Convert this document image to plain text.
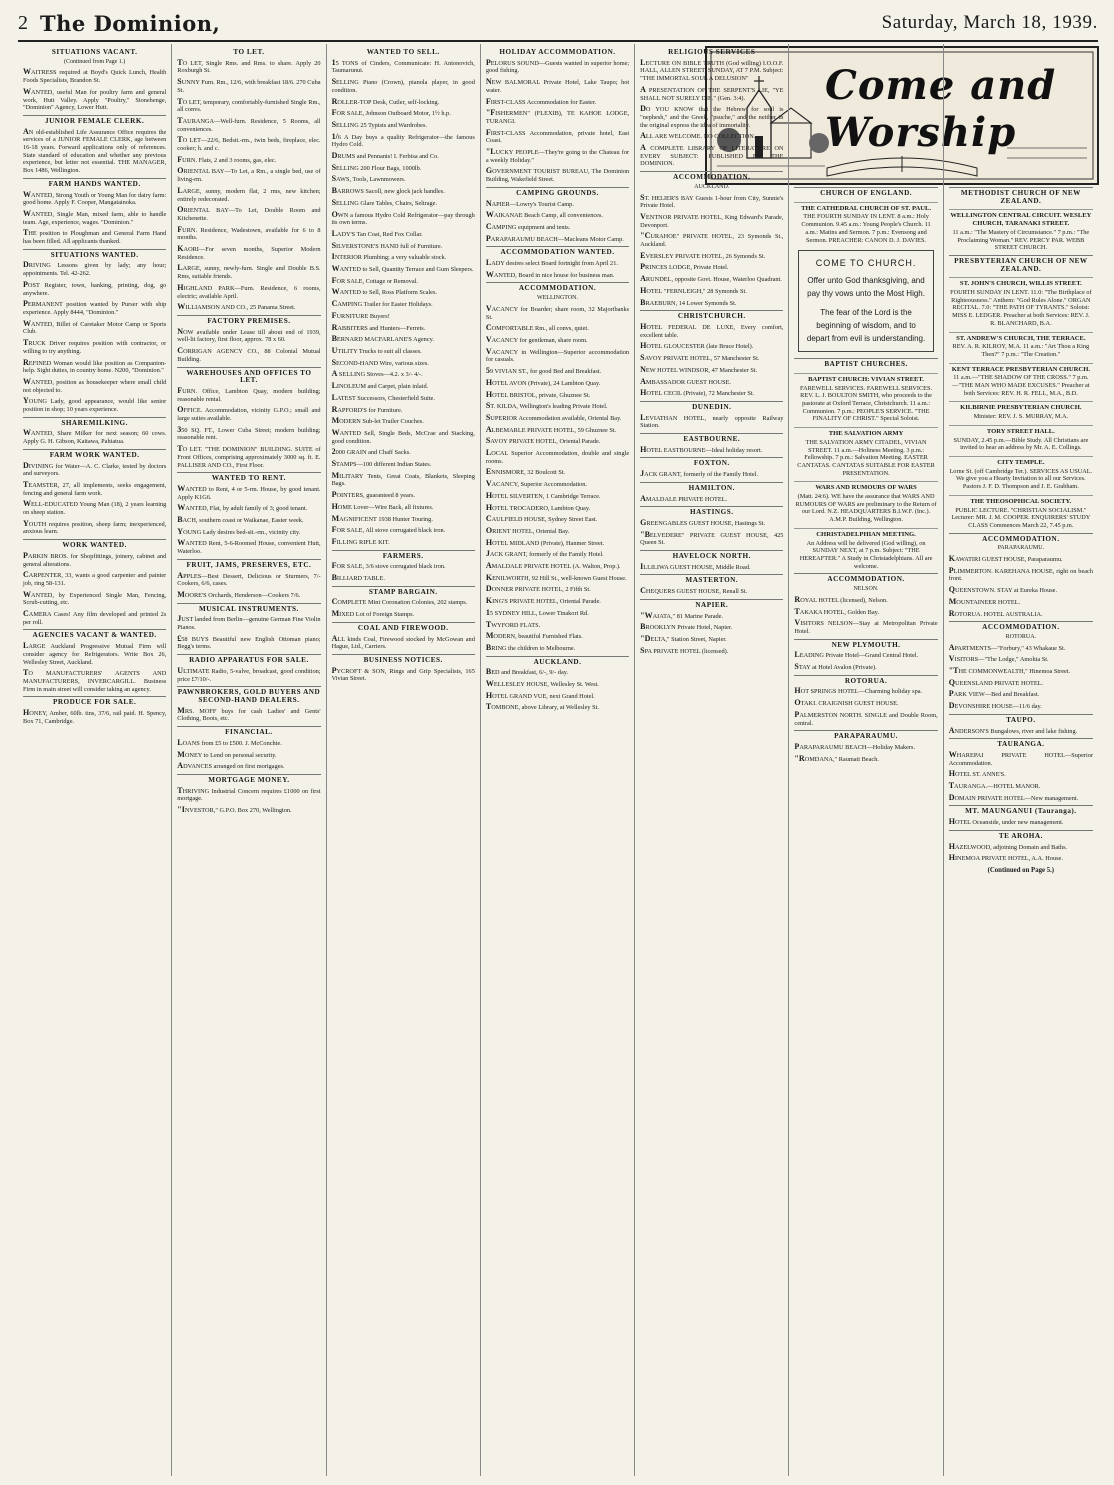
2 The Dominion,	Saturday, March 18, 1939.
Come and Worship
SITUATIONS VACANT.
(Continued from Page 1.)

WAITRESS required at Boyd's Quick Lunch, Health Foods Specialists, Brandon St.

WANTED, useful Man for poultry farm and general work, Hutt Valley. Apply "Poultry," Stonehenge, "Dominion" Agency, Lower Hutt.

JUNIOR FEMALE CLERK.

AN old-established Life Assurance Office requires the services of a JUNIOR FEMALE CLERK, age between 16-18 years. Forward applications only of references. State standard of education and whether any previous experience, but letter not essential. THE MANAGER, Box 1486, Wellington.

FARM HANDS WANTED.

WANTED, Strong Youth or Young Man for dairy farm: good home. Apply F. Cooper, Mangatainoka.

WANTED, Single Man, mixed farm, able to handle team. Age, experience, wages. "Dominion."

THE position to Ploughman and General Farm Hand has been filled. All applicants thanked.

SITUATIONS WANTED.

DRIVING Lessons given by lady; any hour; appointments. Tel. 42-262.

POST Register, town, banking, printing, dog, go anywhere.

PERMANENT position wanted by Purser with ship experience. Apply 8444, "Dominion."

WANTED, Billet of Caretaker Motor Camp or Sports Club.

TRUCK Driver requires position with contractor, or willing to try anything.

REFINED Woman would like position as Companion-help. Sight duties, in country home. N200, "Dominion."

WANTED, position as housekeeper where small child not objected to.

YOUNG Lady, good appearance, would like senior position in shop; 10 years experience.

SHAREMILKING.

WANTED, Share Milker for next season; 60 cows. Apply G. H. Gibson, Kaitawa, Pahiatua.

FARM WORK WANTED.

DIVINING for Water—A. C. Clarke, tested by doctors and surveyors.

TEAMSTER, 27, all implements, seeks engagement, fencing and general farm work.

WELL-EDUCATED Young Man (18), 2 years learning on sheep station.

YOUTH requires position, sheep farm; inexperienced, anxious learn.

WORK WANTED.

PARKIN BROS. for Shopfittings, joinery, cabinet and general alterations.

CARPENTER, 33, wants a good carpenter and painter job, ring 58-131.

WANTED, by Experienced Single Man, Fencing, Scrub-cutting, etc.

CAMERA Cases! Any film developed and printed 2s per roll.

AGENCIES VACANT & WANTED.

LARGE Auckland Progressive Mutual Firm will consider agency for Refrigerators. Write Box 26, Wellesley Street, Auckland.

TO MANUFACTURERS' AGENTS AND MANUFACTURERS, INVERCARGILL. Business Firm in main street will consider taking an agency.

PRODUCE FOR SALE.

HONEY, Amber, 60lb. tins, 37/6, rail paid. H. Spency, Box 71, Cambridge.

TO LET.

TO LET, Single Rms. and Rms. to share. Apply 20 Roxburgh St.

SUNNY Furn. Rm., 12/6, with breakfast 18/6. 270 Cuba St.

TO LET, temporary, comfortably-furnished Single Rm., all convs.

TAURANGA—Well-furn. Residence, 5 Rooms, all conveniences.

TO LET—22/6, Bedsit.-rm., twin beds, fireplace, elec. cooker; h. and c.

FURN. Flats, 2 and 3 rooms, gas, elec.

ORIENTAL BAY—To Let, a Rm., a single bed, use of living-rm.

LARGE, sunny, modern flat, 2 rms, new kitchen; entirely redecorated.

ORIENTAL BAY—To Let, Double Room and Kitchenette.

FURN. Residence, Wadestown, available for 6 to 8 months.

KAORI—For seven months, Superior Modern Residence.

LARGE, sunny, newly-furn. Single and Double B.S. Rms, suitable friends.

HIGHLAND PARK—Furn. Residence, 6 rooms, electric; available April.

WILLIAMSON AND CO., 25 Panama Street.

FACTORY PREMISES.

NOW available under Lease till about end of 1939, well-lit factory, first floor, approx. 78 x 60.

CORRIGAN AGENCY CO., 88 Colonial Mutual Building.

WAREHOUSES AND OFFICES TO LET.

FURN. Office, Lambton Quay, modern building; reasonable rental.

OFFICE. Accommodation, vicinity G.P.O.; small and large suites available.

350 SQ. FT., Lower Cuba Street; modern building; reasonable rent.

TO LET. "THE DOMINION" BUILDING. SUITE of Front Offices, comprising approximately 3000 sq. ft. E. PALLISER AND CO., First Floor.

WANTED TO RENT.

WANTED to Rent, 4 or 5-rm. House, by good tenant. Apply K1G6.

WANTED, Flat, by adult family of 3; good tenant.

BACH, southern coast or Waikanae, Easter week.

YOUNG Lady desires bed-sit.-rm., vicinity city.

WANTED Rent, 5-6-Roomed House, convenient Hutt, Waterloo.

FRUIT, JAMS, PRESERVES, ETC.

APPLES—Best Dessert, Delicious or Sturmers, 7/- Cookers, 6/6, cases.

MOORE'S Orchards, Henderson—Cookers 7/6.

MUSICAL INSTRUMENTS.

JUST landed from Berlin—genuine German Fine Violin Pianos.

£58 BUYS Beautiful new English Ottoman piano; Begg's terms.

RADIO APPARATUS FOR SALE.

ULTIMATE Radio, 5-valve, broadcast, good condition; price £7/10/-.

PAWNBROKERS, GOLD BUYERS AND SECOND-HAND DEALERS.

MRS. MOFF buys for cash Ladies' and Gents' Clothing, Boots, etc.

FINANCIAL.

LOANS from £5 to £500. J. McConchie.

MONEY to Lend on personal security.

ADVANCES arranged on first mortgages.

MORTGAGE MONEY.

THRIVING Industrial Concern requires £1000 on first mortgage.

"INVESTOR," G.P.O. Box 270, Wellington.

WANTED TO SELL.

15 TONS of Cinders, Communicate: H. Antonovich, Taumarunui.

SELLING Piano (Crown), pianola player, in good condition.

ROLLER-TOP Desk, Cutler, self-locking.

FOR SALE, Johnson Outboard Motor, 1½ h.p.

SELLING 25 Typists and Wardrobes.

1/6 A Day buys a quality Refrigerator—the famous Hydro Cold.

DRUMS and Pennants! I. Ferbisa and Co.

SELLING 200 Flour Bags, 1000lb.

SAWS, Tools, Lawnmowers.

BARROWS Sacoll, new glock jack handles.

SELLING Glare Tables, Chairs, Seltrage.

OWN a famous Hydro Cold Refrigerator—pay through its own terms.

LADY'S Tan Coat, Red Fox Collar.

SILVERSTONE'S HAND full of Furniture.

INTERIOR Plumbing; a very valuable stock.

WANTED to Sell, Quantity Terrace and Gum Sleepers.

FOR SALE, Cottage or Removal.

WANTED to Sell, Ross Platform Scales.

CAMPING Trailer for Easter Holidays.

FURNITURE Buyers!

RABBITERS and Hunters—Ferrets.

BERNARD MACFARLANE'S Agency.

UTILITY Trucks to suit all classes.

SECOND-HAND Wire, various sizes.

A SELLING Stoves—4.2. x 3/- 4/-.

LINOLEUM and Carpet, plain inlaid.

LATEST Successors, Chesterfield Suite.

RAPFORD'S for Furniture.

MODERN Sub-let Trailer Couches.

WANTED Sell, Single Beds, McCrae and Stacking, good condition.

2000 GRAIN and Chaff Sacks.

STAMPS—100 different Indian States.

MILITARY Tents, Great Coats, Blankets, Sleeping Bags.

POINTERS, guaranteed 8 years.

HOME Lover—Wire Back, all fixtures.

MAGNIFICENT 1938 Hunter Touring.

FOR SALE, All stove corrugated black iron.

FILLING RIFLE KIT.

FARMERS.

FOR SALE, 3/6 stove corrugated black iron.

BILLIARD TABLE.

STAMP BARGAIN.

COMPLETE Mint Coronation Colonies, 202 stamps.

MIXED Lot of Foreign Stamps.

COAL AND FIREWOOD.

ALL kinds Coal, Firewood stocked by McGowan and Hague, Ltd., Carriers.

BUSINESS NOTICES.

PYCROFT & SON, Rings and Grip Specialists, 165 Vivian Street.

HOLIDAY ACCOMMODATION.

PELORUS SOUND—Guests wanted in superior home; good fishing.

NEW BALMORAL Private Hotel, Lake Taupo; hot water.

FIRST-CLASS Accommodation for Easter.

"FISHERMEN" (FLEXIB), TE KAHOE LODGE, TURANGI.

FIRST-CLASS Accommodation, private hotel, East Coast.

"LUCKY PEOPLE—They're going to the Chateau for a weekly Holiday."

GOVERNMENT TOURIST BUREAU, The Dominion Building, Wakefield Street.

CAMPING GROUNDS.

NAPIER—Lowry's Tourist Camp.

WAIKANAE Beach Camp, all conveniences.

CAMPING equipment and tents.

PARAPARAUMU BEACH—Macleans Motor Camp.

ACCOMMODATION WANTED.

LADY desires select Board fortnight from April 21.

WANTED, Board in nice house for business man.

ACCOMMODATION.
WELLINGTON.

VACANCY for Boarder; share room, 32 Majoribanks St.

COMFORTABLE Rm., all convs, quiet.

VACANCY for gentleman, share room.

VACANCY in Wellington—Superior accommodation for casuals.

59 VIVIAN ST., for good Bed and Breakfast.

HOTEL AVON (Private), 24 Lambton Quay.

HOTEL BRISTOL, private, Ghuznee St.

ST. KILDA, Wellington's leading Private Hotel.

SUPERIOR Accommodation available, Oriental Bay.

ALBEMARLE PRIVATE HOTEL, 59 Ghuznee St.

SAVOY PRIVATE HOTEL, Oriental Parade.

LOCAL Superior Accommodation, double and single rooms.

ENNISMORE, 32 Boulcott St.

VACANCY, Superior Accommodation.

HOTEL SILVERTEN, 1 Cambridge Terrace.

HOTEL TROCADERO, Lambton Quay.

CAULFIELD HOUSE, Sydney Street East.

ORIENT HOTEL, Oriental Bay.

HOTEL MIDLAND (Private), Hanmer Street.

JACK GRANT, formerly of the Family Hotel.

AMALDALE PRIVATE HOTEL (A. Walton, Prop.).

KENILWORTH, 92 Hill St., well-known Guest House.

DONNER PRIVATE HOTEL, 2 Fifth St.

KING'S PRIVATE HOTEL, Oriental Parade.

15 SYDNEY HILL, Lower Tinakori Rd.

TWYFORD FLATS.

MODERN, beautiful Furnished Flats.

BRING the children to Melbourne.

AUCKLAND.

BED and Breakfast, 6/-, 9/- day.

WELLESLEY HOUSE, Wellesley St. West.

HOTEL GRAND VUE, next Grand Hotel.

TOMBONE, above Library, at Wellesley St.

RELIGIOUS SERVICES

LECTURE ON BIBLE TRUTH (God willing) I.O.O.F. HALL, ALLEN STREET, SUNDAY, AT 7 P.M. Subject: "THE IMMORTAL SOUL A DELUSION"

A PRESENTATION OF THE SERPENT'S LIE, "YE SHALL NOT SURELY DIE." (Gen. 3:4).

DO YOU KNOW that the Hebrew for soul is "nephesh," and the Greek, "psuche," and the neither in the original express the idea of immortality.

ALL ARE WELCOME. NO COLLECTION.

A COMPLETE LIBRARY OF LITERATURE ON EVERY SUBJECT: PUBLISHED BY THE DOMINION.

ACCOMMODATION.
AUCKLAND.

ST. HELIER'S BAY Guests 1-hour from City, Sunnie's Private Hotel.

VENTNOR PRIVATE HOTEL, King Edward's Parade, Devonport.

"CURAHOE" PRIVATE HOTEL, 23 Symonds St., Auckland.

EVERSLEY PRIVATE HOTEL, 26 Symonds St.

PRINCES LODGE, Private Hotel.

ARUNDEL, opposite Govt. House, Waterloo Quadrant.

HOTEL "FERNLEIGH," 28 Symonds St.

BRAEBURN, 14 Lower Symonds St.

CHRISTCHURCH.

HOTEL FEDERAL DE LUXE, Every comfort, excellent table.

HOTEL GLOUCESTER (late Bruce Hotel).

SAVOY PRIVATE HOTEL, 57 Manchester St.

NEW HOTEL WINDSOR, 47 Manchester St.

AMBASSADOR GUEST HOUSE.

HOTEL CECIL (Private), 72 Manchester St.

DUNEDIN.

LEVIATHAN HOTEL, nearly opposite Railway Station.

EASTBOURNE.

HOTEL EASTBOURNE—Ideal holiday resort.

FOXTON.

JACK GRANT, formerly of the Family Hotel.

HAMILTON.

AMALDALE PRIVATE HOTEL.

HASTINGS.

GREENGABLES GUEST HOUSE, Hastings St.

"BELVEDERE" PRIVATE GUEST HOUSE, 425 Queen St.

HAVELOCK NORTH.

ILLILIWA GUEST HOUSE, Middle Road.

MASTERTON.

CHEQUERS GUEST HOUSE, Renall St.

NAPIER.

"WAIATA," 81 Marine Parade.

BROOKLYN Private Hotel, Napier.

"DELTA," Station Street, Napier.

SPA PRIVATE HOTEL (licensed).

CHURCH OF ENGLAND.
THE CATHEDRAL CHURCH OF ST. PAUL.
THE FOURTH SUNDAY IN LENT. 8 a.m.: Holy Communion. 9.45 a.m.: Young People's Church. 11 a.m.: Matins and Sermon. 7 p.m.: Evensong and Sermon. PREACHER: CANON D. J. DAVIES.
COME TO CHURCH.
Offer unto God thanksgiving, and pay thy vows unto the Most High.
The fear of the Lord is the beginning of wisdom, and to depart from evil is understanding.
BAPTIST CHURCHES.
BAPTIST CHURCH: VIVIAN STREET.
FAREWELL SERVICES. FAREWELL SERVICES. REV. L. J. BOULTON SMITH, who proceeds to the pastorate at Oxford Terrace, Christchurch. 11 a.m.: Communion. 7 p.m.: PEOPLE'S SERVICE. "THE FINALITY OF CHRIST." Special Soloist.
THE SALVATION ARMY
THE SALVATION ARMY CITADEL, VIVIAN STREET. 11 a.m.—Holiness Meeting. 3 p.m.: Fellowship. 7 p.m.: Salvation Meeting. EASTER CANTATAS. CANTATAS SUITABLE FOR EASTER PRESENTATION.
WARS AND RUMOURS OF WARS
(Matt. 24:6). WE have the assurance that WARS AND RUMOURS OF WARS are preliminary to the Return of our Lord. N.Z. HEADQUARTERS B.I.W.F. (Inc.). A.M.P. Building, Wellington.
CHRISTADELPHIAN MEETING.
An Address will be delivered (God willing), on SUNDAY NEXT, at 7 p.m. Subject: "THE HEREAFTER." A Study in Christadelphians. All are welcome.
ACCOMMODATION.
NELSON.

ROYAL HOTEL (licensed), Nelson.

TAKAKA HOTEL, Golden Bay.

VISITORS NELSON—Stay at Metropolitan Private Hotel.

NEW PLYMOUTH.

LEADING Private Hotel—Grand Central Hotel.

STAY at Hotel Avalon (Private).

ROTORUA.

HOT SPRINGS HOTEL—Charming holiday spa.

OTAKI. CRAIGNISH GUEST HOUSE.

PALMERSTON NORTH. SINGLE and Double Room, central.

PARAPARAUMU.

PARAPARAUMU BEACH—Holiday Makers.

"ROMDANA," Raumati Beach.

METHODIST CHURCH OF NEW ZEALAND.
WELLINGTON CENTRAL CIRCUIT. WESLEY CHURCH, TARANAKI STREET.
11 a.m.: "The Mastery of Circumstance." 7 p.m.: "The Proclaiming Woman." REV. PERCY PAR. WEBB STREET CHURCH.
PRESBYTERIAN CHURCH OF NEW ZEALAND.
ST. JOHN'S CHURCH, WILLIS STREET.
FOURTH SUNDAY IN LENT. 11.0: "The Birthplace of Righteousness." Anthem: "God Rules Alone." ORGAN RECITAL. 7.0: "THE PATH OF TYRANTS." Soloist: MISS E. LEDGER. Preacher at both Services: REV. J. R. BLANCHARD, B.A.
ST. ANDREW'S CHURCH, THE TERRACE.
REV. A. R. KILROY, M.A. 11 a.m.: "Art Thou a King Then?" 7 p.m.: "The Creation."
KENT TERRACE PRESBYTERIAN CHURCH.
11 a.m.—"THE SHADOW OF THE CROSS." 7 p.m.—"THE MAN WHO MADE EXCUSES." Preacher at both Services: REV. H. R. FELL, M.A., B.D.
KILBIRNIE PRESBYTERIAN CHURCH.
Minister: REV. J. S. MURRAY, M.A.
TORY STREET HALL.
SUNDAY, 2.45 p.m.—Bible Study. All Christians are invited to hear an address by Mr. A. E. Collings.
CITY TEMPLE.
Lorne St. (off Cambridge Ter.). SERVICES AS USUAL. We give you a Hearty Invitation to all our Services. Pastors J. F. D. Thompson and J. E. Grabham.
THE THEOSOPHICAL SOCIETY.
PUBLIC LECTURE. "CHRISTIAN SOCIALISM." Lecturer: MR. J. M. COOPER. ENQUIRERS' STUDY CLASS Commences March 22, 7.45 p.m.
ACCOMMODATION.
PARAPARAUMU.

KAWATIRI GUEST HOUSE, Paraparaumu.

PLIMMERTON. KAREHANA HOUSE, right on beach front.

QUEENSTOWN. STAY at Eureka House.

MOUNTAINEER HOTEL.

ROTORUA. HOTEL AUSTRALIA.

ACCOMMODATION.
ROTORUA.

APARTMENTS—"Forbury," 43 Whakaue St.

VISITORS—"The Lodge," Amohia St.

"THE COMMONWEALTH," Hinemoa Street.

QUEENSLAND PRIVATE HOTEL.

PARK VIEW—Bed and Breakfast.

DEVONSHIRE HOUSE—11/6 day.

TAUPO.

ANDERSON'S Bungalows, river and lake fishing.

TAURANGA.

WHAREPAI PRIVATE HOTEL—Superior Accommodation.

HOTEL ST. ANNE'S.

TAURANGA.—HOTEL MANOR.

DOMAIN PRIVATE HOTEL—New management.

MT. MAUNGANUI (Tauranga).

HOTEL Oceanside, under new management.

TE AROHA.

HAZELWOOD, adjoining Domain and Baths.

HINEMOA PRIVATE HOTEL, A.A. House.

(Continued on Page 5.)
